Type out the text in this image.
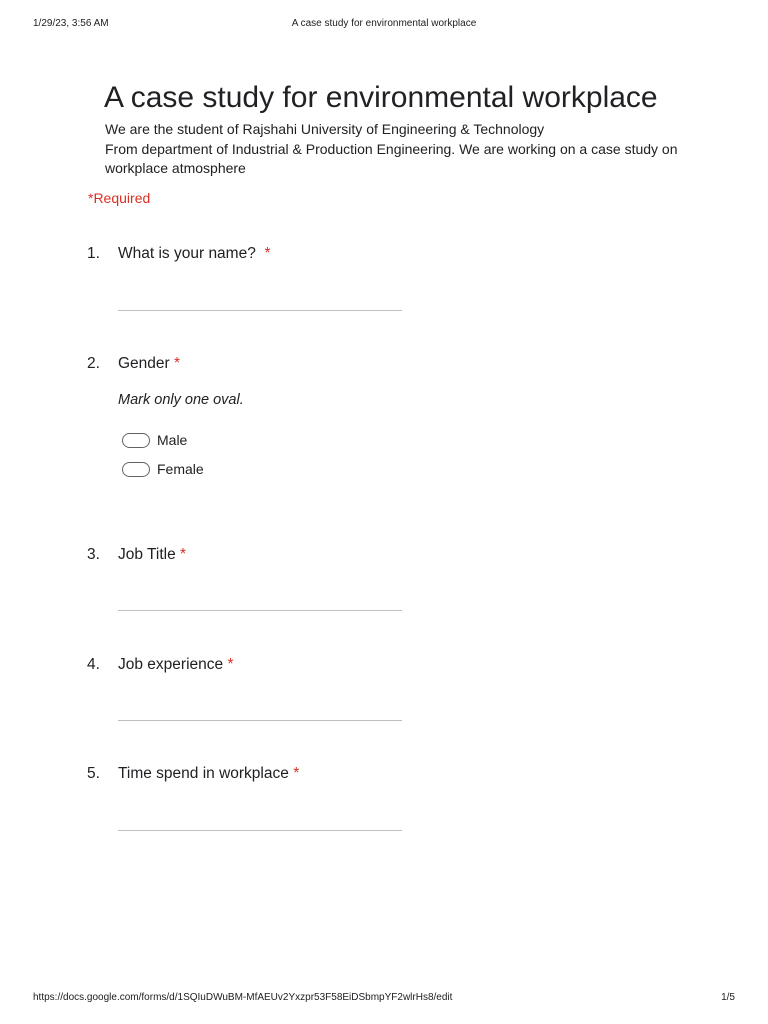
1/29/23, 3:56 AM	A case study for environmental workplace
A case study for environmental workplace
We are the student of Rajshahi University of Engineering & Technology
From department of Industrial & Production Engineering. We are working on a case study on workplace atmosphere
*Required
1. What is your name? *
2. Gender *
Mark only one oval.
Male
Female
3. Job Title *
4. Job experience *
5. Time spend in workplace *
https://docs.google.com/forms/d/1SQIuDWuBM-MfAEUv2Yxzpr53F58EiDSbmpYF2wlrHs8/edit	1/5
